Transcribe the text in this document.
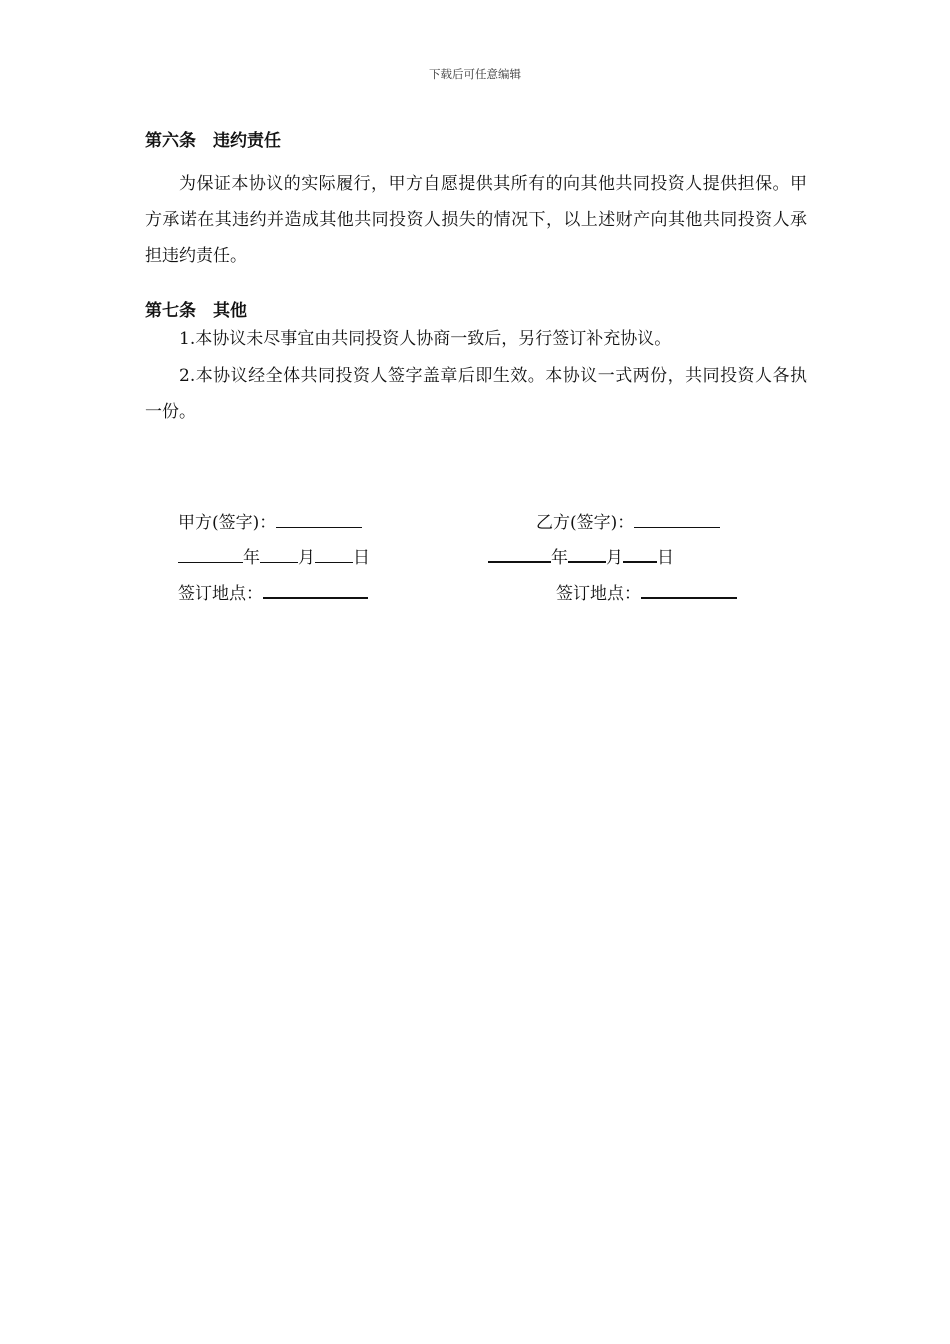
下载后可任意编辑
第六条　违约责任
为保证本协议的实际履行，甲方自愿提供其所有的向其他共同投资人提供担保。甲方承诺在其违约并造成其他共同投资人损失的情况下，以上述财产向其他共同投资人承担违约责任。
第七条　其他
1.本协议未尽事宜由共同投资人协商一致后，另行签订补充协议。
2.本协议经全体共同投资人签字盖章后即生效。本协议一式两份，共同投资人各执一份。
甲方(签字)：
年 月 日
签订地点：
乙方(签字)：
年 月 日
签订地点：
